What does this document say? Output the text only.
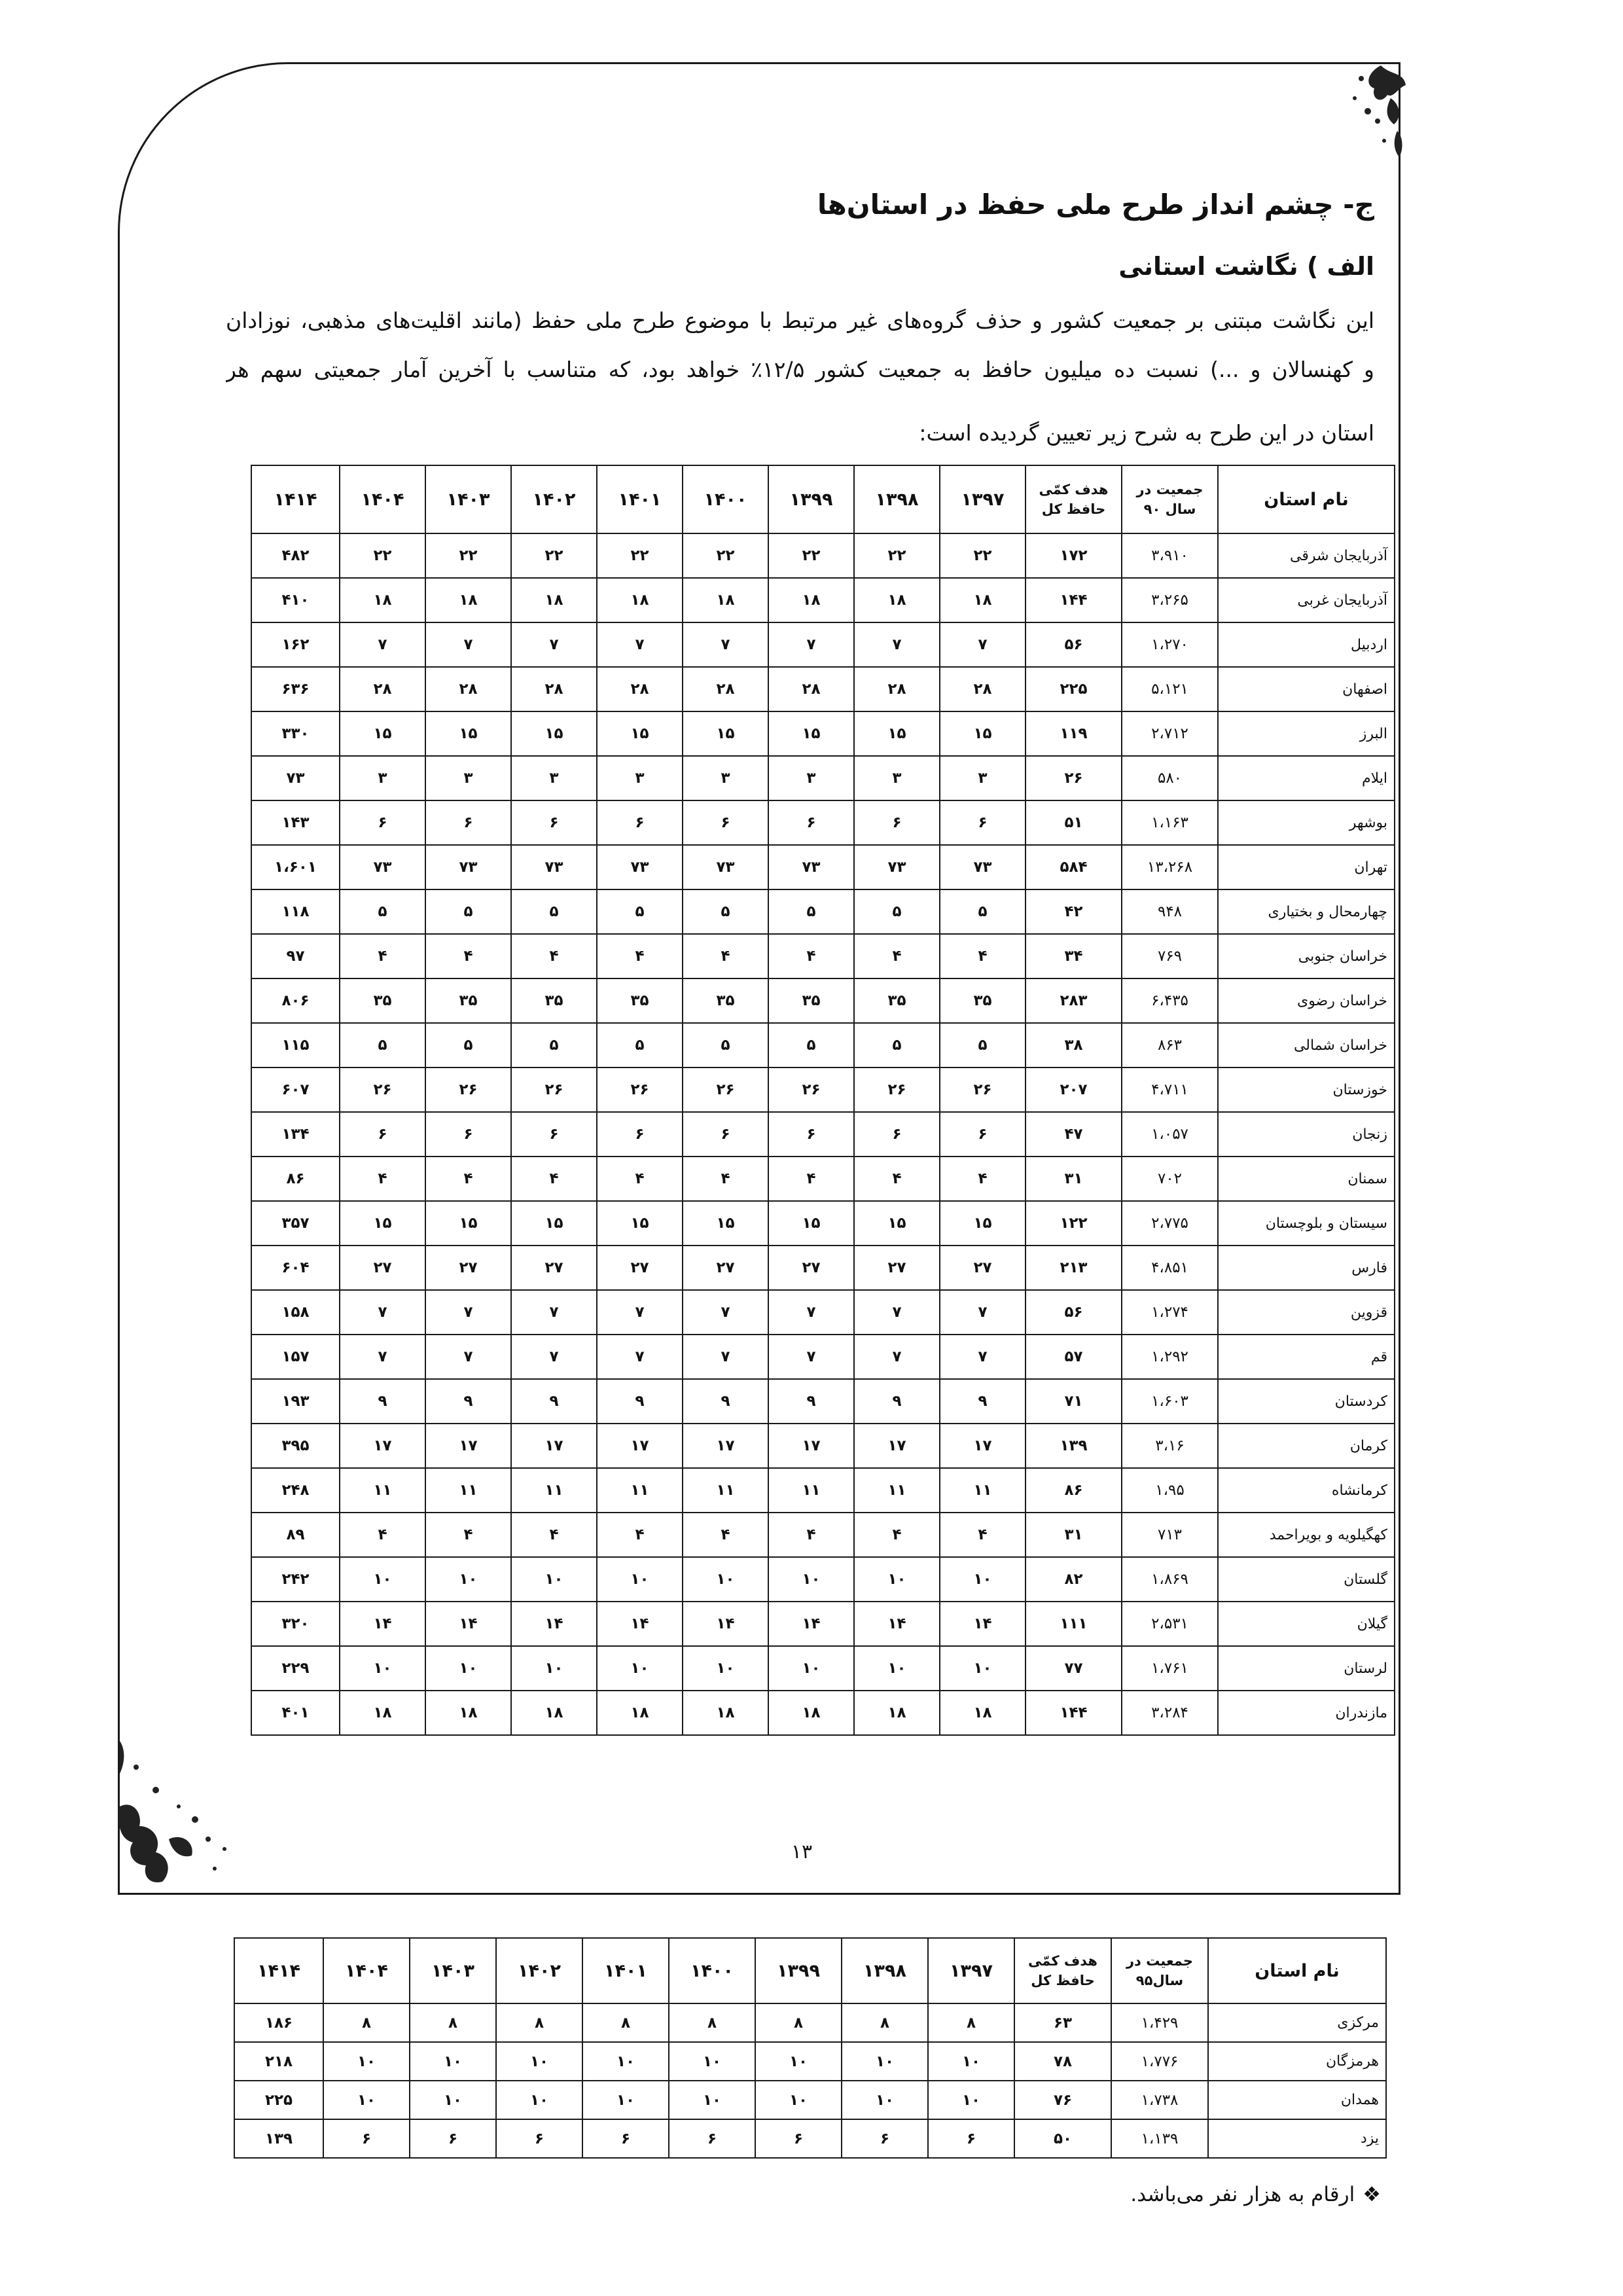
ج- چشم انداز طرح ملی حفظ در استان‌ها
الف ) نگاشت استانی
این نگاشت مبتنی بر جمعیت کشور و حذف گروه‌های غیر مرتبط با موضوع طرح ملی حفظ (مانند اقلیت‌های مذهبی، نوزادان
و کهنسالان و ...) نسبت ده میلیون حافظ به جمعیت کشور ۱۲/۵٪ خواهد بود، که متناسب با آخرین آمار جمعیتی سهم هر
استان در این طرح به شرح زیر تعیین گردیده است:
نام استان	جمعیت در سال ۹۰	هدف کمّی حافظ کل	۱۳۹۷	۱۳۹۸	۱۳۹۹	۱۴۰۰	۱۴۰۱	۱۴۰۲	۱۴۰۳	۱۴۰۴	۱۴۱۴
آذربایجان شرقی	۳،۹۱۰	۱۷۲	۲۲	۲۲	۲۲	۲۲	۲۲	۲۲	۲۲	۲۲	۴۸۲
آذربایجان غربی	۳،۲۶۵	۱۴۴	۱۸	۱۸	۱۸	۱۸	۱۸	۱۸	۱۸	۱۸	۴۱۰
اردبیل	۱،۲۷۰	۵۶	۷	۷	۷	۷	۷	۷	۷	۷	۱۶۲
اصفهان	۵،۱۲۱	۲۲۵	۲۸	۲۸	۲۸	۲۸	۲۸	۲۸	۲۸	۲۸	۶۳۶
البرز	۲،۷۱۲	۱۱۹	۱۵	۱۵	۱۵	۱۵	۱۵	۱۵	۱۵	۱۵	۳۳۰
ایلام	۵۸۰	۲۶	۳	۳	۳	۳	۳	۳	۳	۳	۷۳
بوشهر	۱،۱۶۳	۵۱	۶	۶	۶	۶	۶	۶	۶	۶	۱۴۳
تهران	۱۳،۲۶۸	۵۸۴	۷۳	۷۳	۷۳	۷۳	۷۳	۷۳	۷۳	۷۳	۱،۶۰۱
چهارمحال و بختیاری	۹۴۸	۴۲	۵	۵	۵	۵	۵	۵	۵	۵	۱۱۸
خراسان جنوبی	۷۶۹	۳۴	۴	۴	۴	۴	۴	۴	۴	۴	۹۷
خراسان رضوی	۶،۴۳۵	۲۸۳	۳۵	۳۵	۳۵	۳۵	۳۵	۳۵	۳۵	۳۵	۸۰۶
خراسان شمالی	۸۶۳	۳۸	۵	۵	۵	۵	۵	۵	۵	۵	۱۱۵
خوزستان	۴،۷۱۱	۲۰۷	۲۶	۲۶	۲۶	۲۶	۲۶	۲۶	۲۶	۲۶	۶۰۷
زنجان	۱،۰۵۷	۴۷	۶	۶	۶	۶	۶	۶	۶	۶	۱۳۴
سمنان	۷۰۲	۳۱	۴	۴	۴	۴	۴	۴	۴	۴	۸۶
سیستان و بلوچستان	۲،۷۷۵	۱۲۲	۱۵	۱۵	۱۵	۱۵	۱۵	۱۵	۱۵	۱۵	۳۵۷
فارس	۴،۸۵۱	۲۱۳	۲۷	۲۷	۲۷	۲۷	۲۷	۲۷	۲۷	۲۷	۶۰۴
قزوین	۱،۲۷۴	۵۶	۷	۷	۷	۷	۷	۷	۷	۷	۱۵۸
قم	۱،۲۹۲	۵۷	۷	۷	۷	۷	۷	۷	۷	۷	۱۵۷
کردستان	۱،۶۰۳	۷۱	۹	۹	۹	۹	۹	۹	۹	۹	۱۹۳
کرمان	۳،۱۶	۱۳۹	۱۷	۱۷	۱۷	۱۷	۱۷	۱۷	۱۷	۱۷	۳۹۵
کرمانشاه	۱،۹۵	۸۶	۱۱	۱۱	۱۱	۱۱	۱۱	۱۱	۱۱	۱۱	۲۴۸
کهگیلویه و بویراحمد	۷۱۳	۳۱	۴	۴	۴	۴	۴	۴	۴	۴	۸۹
گلستان	۱،۸۶۹	۸۲	۱۰	۱۰	۱۰	۱۰	۱۰	۱۰	۱۰	۱۰	۲۴۲
گیلان	۲،۵۳۱	۱۱۱	۱۴	۱۴	۱۴	۱۴	۱۴	۱۴	۱۴	۱۴	۳۲۰
لرستان	۱،۷۶۱	۷۷	۱۰	۱۰	۱۰	۱۰	۱۰	۱۰	۱۰	۱۰	۲۲۹
مازندران	۳،۲۸۴	۱۴۴	۱۸	۱۸	۱۸	۱۸	۱۸	۱۸	۱۸	۱۸	۴۰۱
۱۳
نام استان	جمعیت در سال۹۵	هدف کمّی حافظ کل	۱۳۹۷	۱۳۹۸	۱۳۹۹	۱۴۰۰	۱۴۰۱	۱۴۰۲	۱۴۰۳	۱۴۰۴	۱۴۱۴
مرکزی	۱،۴۲۹	۶۳	۸	۸	۸	۸	۸	۸	۸	۸	۱۸۶
هرمزگان	۱،۷۷۶	۷۸	۱۰	۱۰	۱۰	۱۰	۱۰	۱۰	۱۰	۱۰	۲۱۸
همدان	۱،۷۳۸	۷۶	۱۰	۱۰	۱۰	۱۰	۱۰	۱۰	۱۰	۱۰	۲۲۵
یزد	۱،۱۳۹	۵۰	۶	۶	۶	۶	۶	۶	۶	۶	۱۳۹
❖ارقام به هزار نفر می‌باشد.
